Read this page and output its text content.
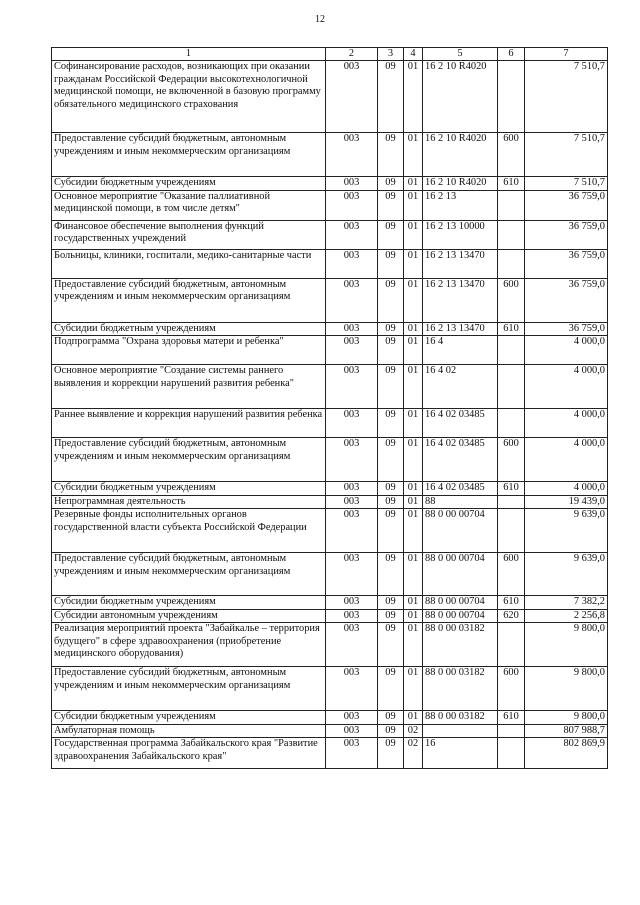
12
1	2	3	4	5	6	7
Софинансирование расходов, возникающих при оказании гражданам Российской Федерации высокотехнологичной медицинской помощи, не включенной в базовую программу обязательного медицинского страхования	003	09	01	16 2 10 R4020		7 510,7
Предоставление субсидий бюджетным, автономным учреждениям и иным некоммерческим организациям	003	09	01	16 2 10 R4020	600	7 510,7
Субсидии бюджетным учреждениям	003	09	01	16 2 10 R4020	610	7 510,7
Основное мероприятие "Оказание паллиативной медицинской помощи, в том числе детям"	003	09	01	16 2 13		36 759,0
Финансовое обеспечение выполнения функций государственных учреждений	003	09	01	16 2 13 10000		36 759,0
Больницы, клиники, госпитали, медико-санитарные части	003	09	01	16 2 13 13470		36 759,0
Предоставление субсидий бюджетным, автономным учреждениям и иным некоммерческим организациям	003	09	01	16 2 13 13470	600	36 759,0
Субсидии бюджетным учреждениям	003	09	01	16 2 13 13470	610	36 759,0
Подпрограмма "Охрана здоровья матери и ребенка"	003	09	01	16 4		4 000,0
Основное мероприятие "Создание системы раннего выявления и коррекции нарушений развития ребенка"	003	09	01	16 4 02		4 000,0
Раннее выявление и коррекция нарушений развития ребенка	003	09	01	16 4 02 03485		4 000,0
Предоставление субсидий бюджетным, автономным учреждениям и иным некоммерческим организациям	003	09	01	16 4 02 03485	600	4 000,0
Субсидии бюджетным учреждениям	003	09	01	16 4 02 03485	610	4 000,0
Непрограммная деятельность	003	09	01	88		19 439,0
Резервные фонды исполнительных органов государственной власти субъекта Российской Федерации	003	09	01	88 0 00 00704		9 639,0
Предоставление субсидий бюджетным, автономным учреждениям и иным некоммерческим организациям	003	09	01	88 0 00 00704	600	9 639,0
Субсидии бюджетным учреждениям	003	09	01	88 0 00 00704	610	7 382,2
Субсидии автономным учреждениям	003	09	01	88 0 00 00704	620	2 256,8
Реализация мероприятий проекта "Забайкалье – территория будущего" в сфере здравоохранения (приобретение медицинского оборудования)	003	09	01	88 0 00 03182		9 800,0
Предоставление субсидий бюджетным, автономным учреждениям и иным некоммерческим организациям	003	09	01	88 0 00 03182	600	9 800,0
Субсидии бюджетным учреждениям	003	09	01	88 0 00 03182	610	9 800,0
Амбулаторная помощь	003	09	02			807 988,7
Государственная программа Забайкальского края "Развитие здравоохранения Забайкальского края"	003	09	02	16		802 869,9
